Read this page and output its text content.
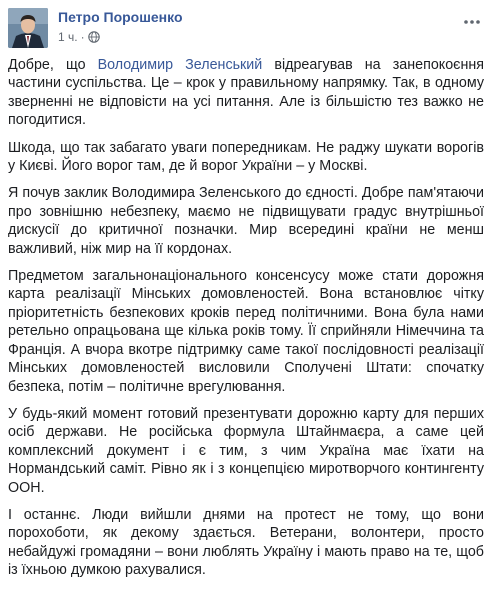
Петро Порошенко
1 ч. ·

Добре, що Володимир Зеленський відреагував на занепокоєння частини суспільства. Це – крок у правильному напрямку. Так, в одному зверненні не відповісти на усі питання. Але із більшістю тез важко не погодитися.

Шкода, що так забагато уваги попередникам. Не раджу шукати ворогів у Києві. Його ворог там, де й ворог України – у Москві.

Я почув заклик Володимира Зеленського до єдності. Добре пам'ятаючи про зовнішню небезпеку, маємо не підвищувати градус внутрішньої дискусії до критичної позначки. Мир всередині країни не менш важливий, ніж мир на її кордонах.

Предметом загальнонаціонального консенсусу може стати дорожня карта реалізації Мінських домовленостей. Вона встановлює чітку пріоритетність безпекових кроків перед політичними. Вона була нами ретельно опрацьована ще кілька років тому. Її сприйняли Німеччина та Франція. А вчора вкотре підтримку саме такої послідовності реалізації Мінських домовленостей висловили Сполучені Штати: спочатку безпека, потім – політичне врегулювання.

У будь-який момент готовий презентувати дорожню карту для перших осіб держави. Не російська формула Штайнмаєра, а саме цей комплексний документ і є тим, з чим Україна має їхати на Нормандський саміт. Рівно як і з концепцією миротворчого контингенту ООН.

І останнє. Люди вийшли днями на протест не тому, що вони порохоботи, як декому здається. Ветерани, волонтери, просто небайдужі громадяни – вони люблять Україну і мають право на те, щоб із їхньою думкою рахувалися.
